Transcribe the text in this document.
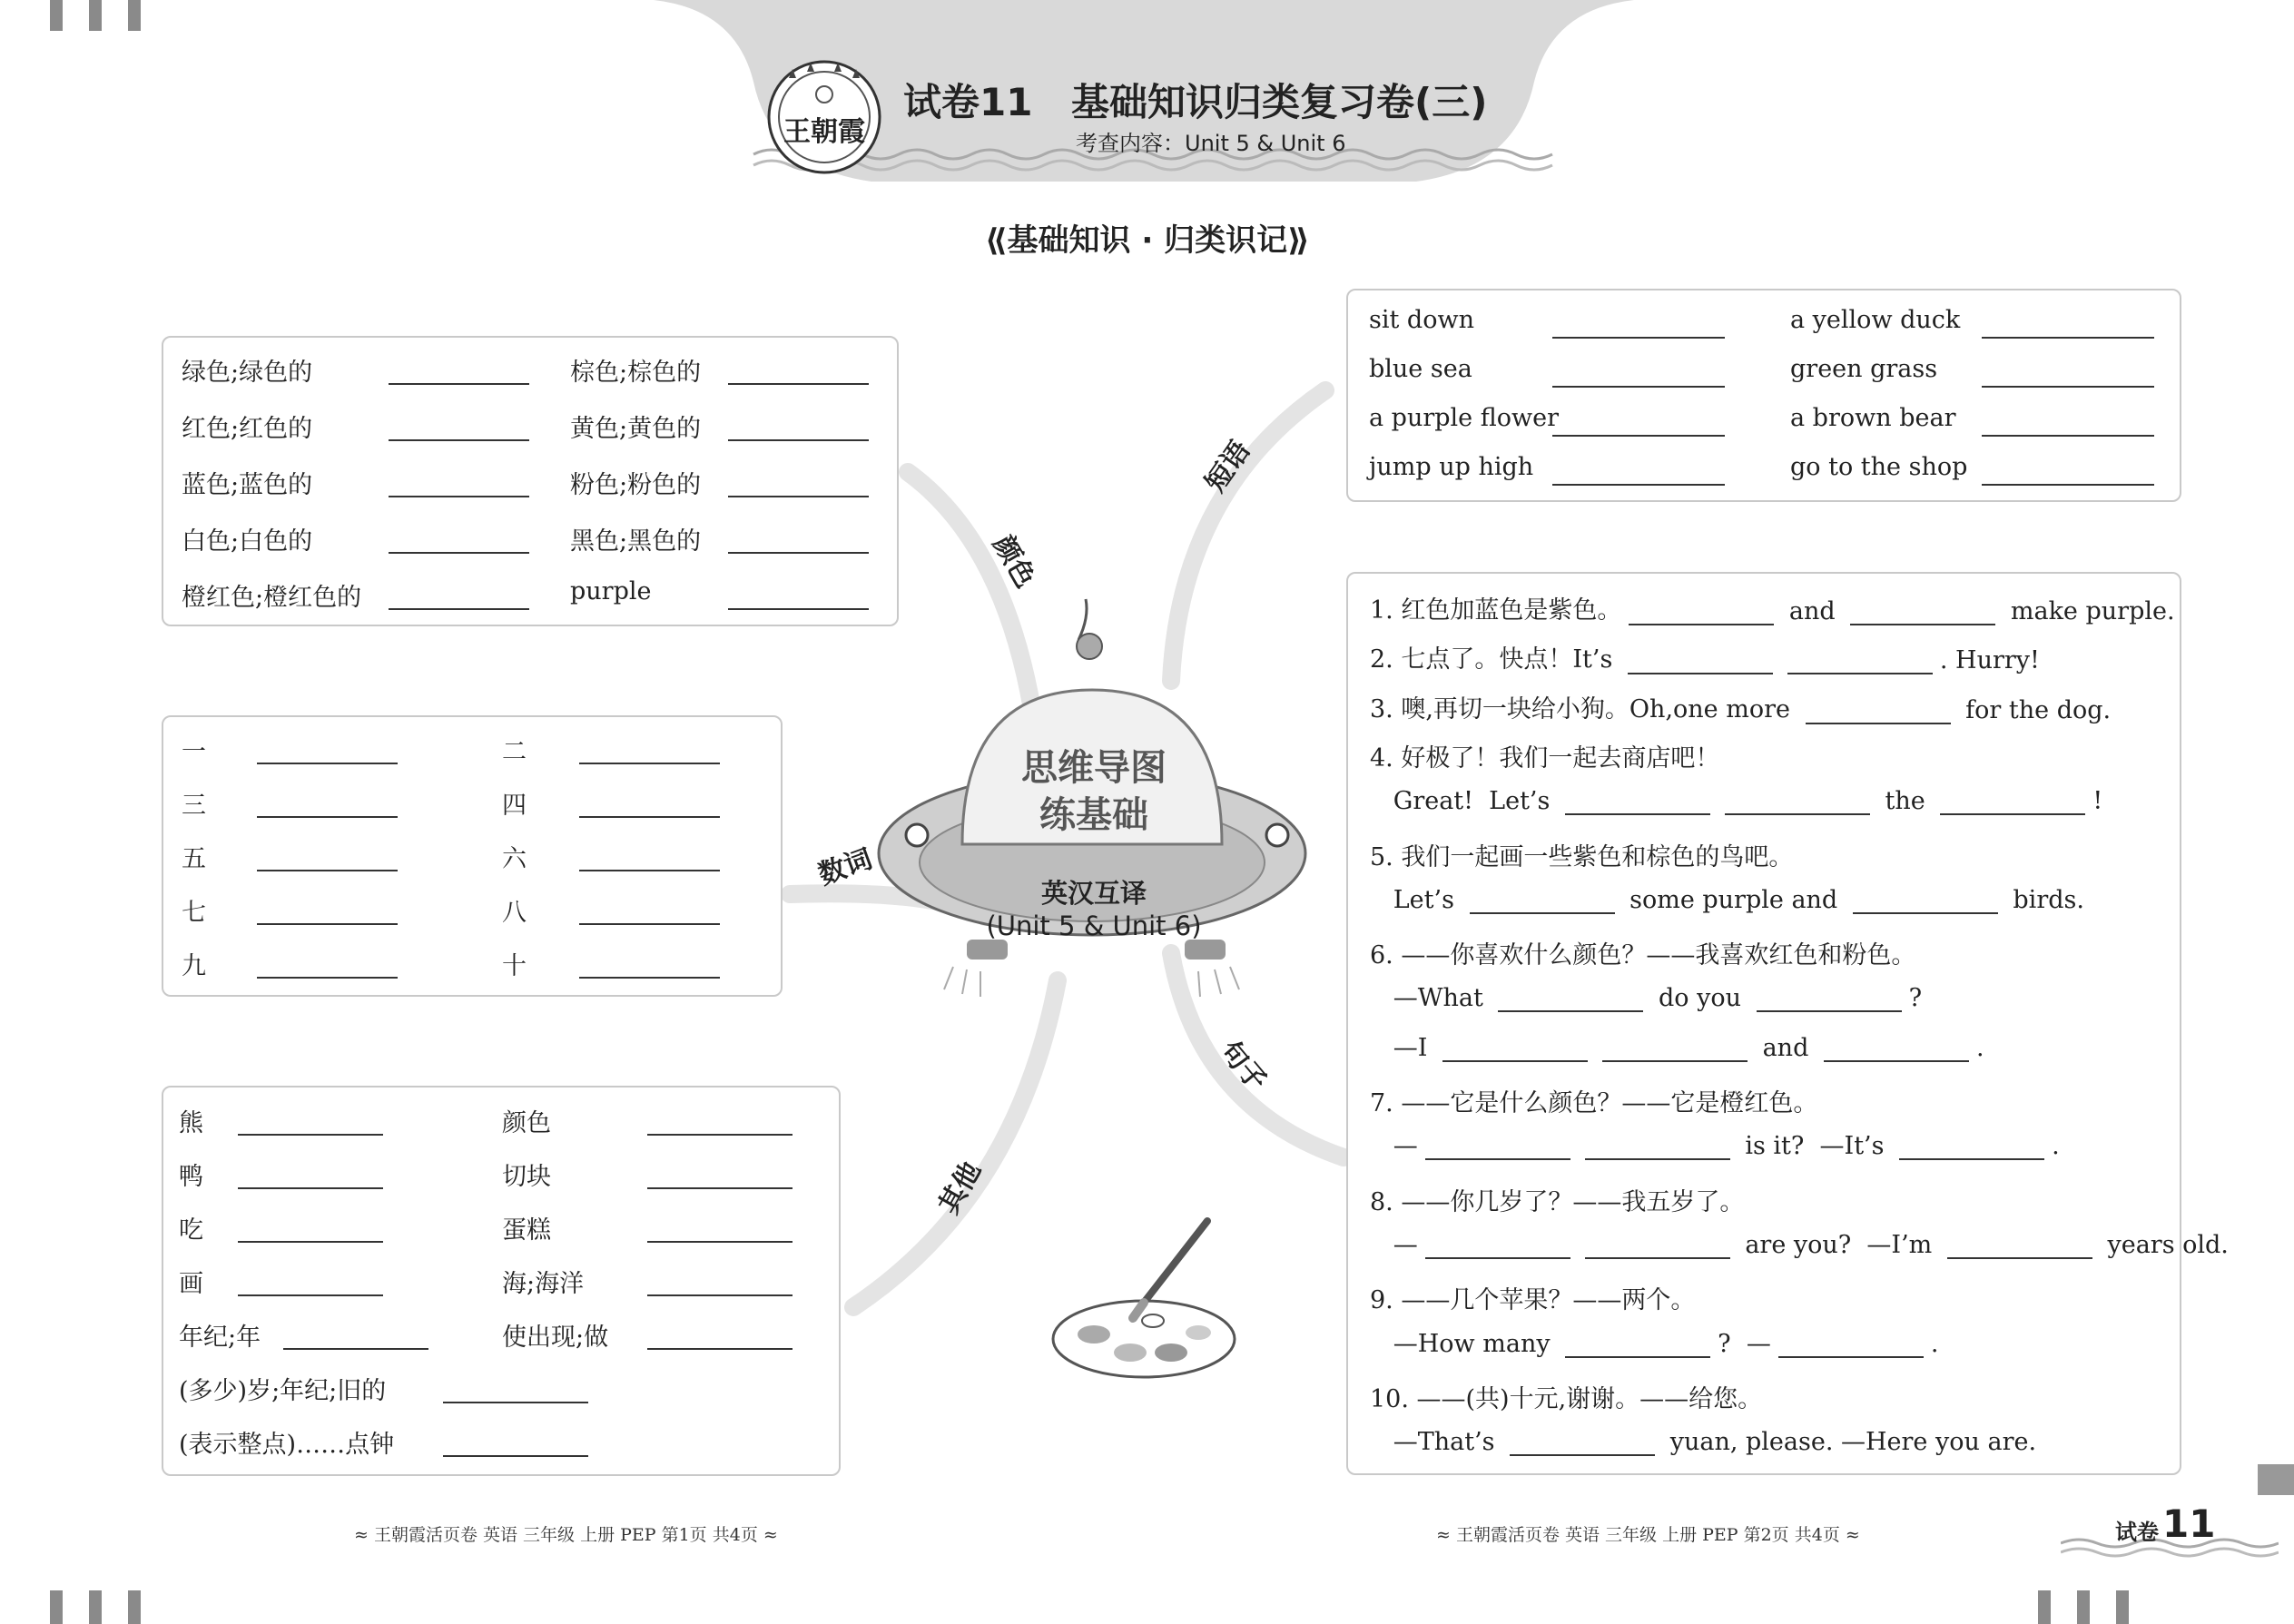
王朝霞
试卷11 基础知识归类复习卷(三)
考查内容：Unit 5 & Unit 6
⟪基础知识 · 归类识记⟫
思维导图
练基础
英汉互译
(Unit 5 & Unit 6)
颜色
数词
其他
短语
句子
绿色;绿色的	棕色;棕色的
红色;红色的	黄色;黄色的
蓝色;蓝色的	粉色;粉色的
白色;白色的	黑色;黑色的
橙红色;橙红色的	purple
一	二
三	四
五	六
七	八
九	十
熊	颜色
鸭	切块
吃	蛋糕
画	海;海洋
年纪;年	使出现;做
(多少)岁;年纪;旧的
(表示整点)……点钟
sit down	a yellow duck
blue sea	green grass
a purple flower	a brown bear
jump up high	go to the shop
1. 红色加蓝色是紫色。	and	make purple.
2. 七点了。快点！It’s	. Hurry!
3. 噢,再切一块给小狗。Oh,one more	for the dog.
4. 好极了！我们一起去商店吧！
Great!  Let’s	the	!
5. 我们一起画一些紫色和棕色的鸟吧。
Let’s	some purple and	birds.
6. ——你喜欢什么颜色？——我喜欢红色和粉色。
—What	do you	?
—I	and	.
7. ——它是什么颜色？——它是橙红色。
—	is it?  —It’s	.
8. ——你几岁了？——我五岁了。
—	are you?  —I’m	years old.
9. ——几个苹果？——两个。
—How many	?  —	.
10. ——(共)十元,谢谢。——给您。
—That’s	yuan, please. —Here you are.
≈ 王朝霞活页卷 英语 三年级 上册 PEP 第1页 共4页 ≈	≈ 王朝霞活页卷 英语 三年级 上册 PEP 第2页 共4页 ≈	试卷 11
